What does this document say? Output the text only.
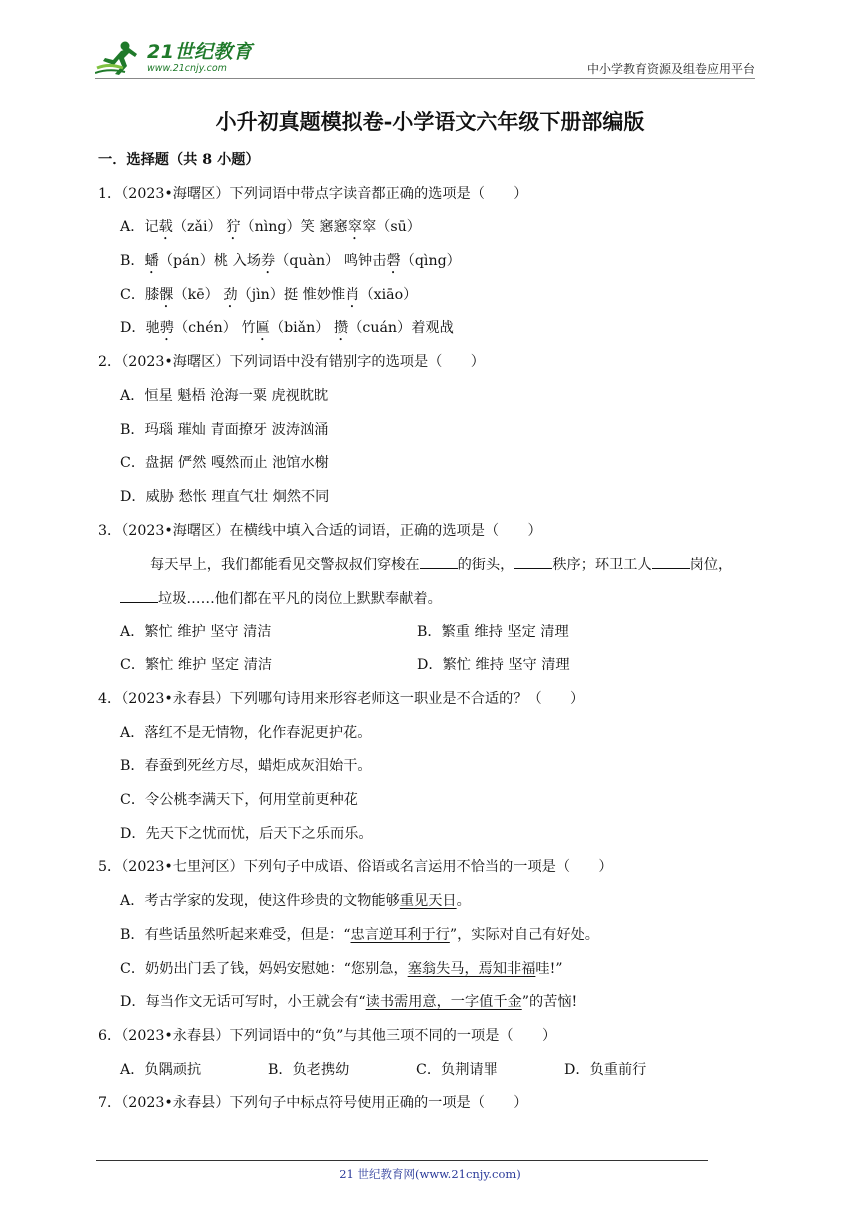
21世纪教育
www.21cnjy.com	中小学教育资源及组卷应用平台
小升初真题模拟卷-小学语文六年级下册部编版
一．选择题（共 8 小题）
1．（2023•海曙区）下列词语中带点字读音都正确的选项是（　　）
A．记载（zǎi） 狞（nìng）笑 窸窸窣窣（sū）
B．蟠（pán）桃 入场券（quàn） 鸣钟击磬（qìng）
C．膝髁（kē） 劲（jìn）挺 惟妙惟肖（xiāo）
D．驰骋（chén） 竹匾（biǎn） 攒（cuán）着观战
2．（2023•海曙区）下列词语中没有错别字的选项是（　　）
A．恒星 魁梧 沧海一粟 虎视眈眈
B．玛瑙 璀灿 青面撩牙 波涛汹涌
C．盘据 俨然 嘎然而止 池馆水榭
D．威胁 愁怅 理直气壮 炯然不同
3．（2023•海曙区）在横线中填入合适的词语，正确的选项是（　　）
每天早上，我们都能看见交警叔叔们穿梭在	的街头，	秩序；环卫工人	岗位，
垃圾……他们都在平凡的岗位上默默奉献着。
A．繁忙 维护 坚守 清洁	B．繁重 维持 坚定 清理
C．繁忙 维护 坚定 清洁	D．繁忙 维持 坚守 清理
4．（2023•永春县）下列哪句诗用来形容老师这一职业是不合适的？（　　）
A．落红不是无情物，化作春泥更护花。
B．春蚕到死丝方尽，蜡炬成灰泪始干。
C．令公桃李满天下，何用堂前更种花
D．先天下之忧而忧，后天下之乐而乐。
5．（2023•七里河区）下列句子中成语、俗语或名言运用不恰当的一项是（　　）
A．考古学家的发现，使这件珍贵的文物能够重见天日。
B．有些话虽然听起来难受，但是：“忠言逆耳利于行”，实际对自己有好处。
C．奶奶出门丢了钱，妈妈安慰她：“您别急，塞翁失马，焉知非福哇!”
D．每当作文无话可写时，小王就会有“读书需用意，一字值千金”的苦恼!
6．（2023•永春县）下列词语中的“负”与其他三项不同的一项是（　　）
A．负隅顽抗	B．负老携幼	C．负荆请罪	D．负重前行
7．（2023•永春县）下列句子中标点符号使用正确的一项是（　　）
21 世纪教育网(www.21cnjy.com)
